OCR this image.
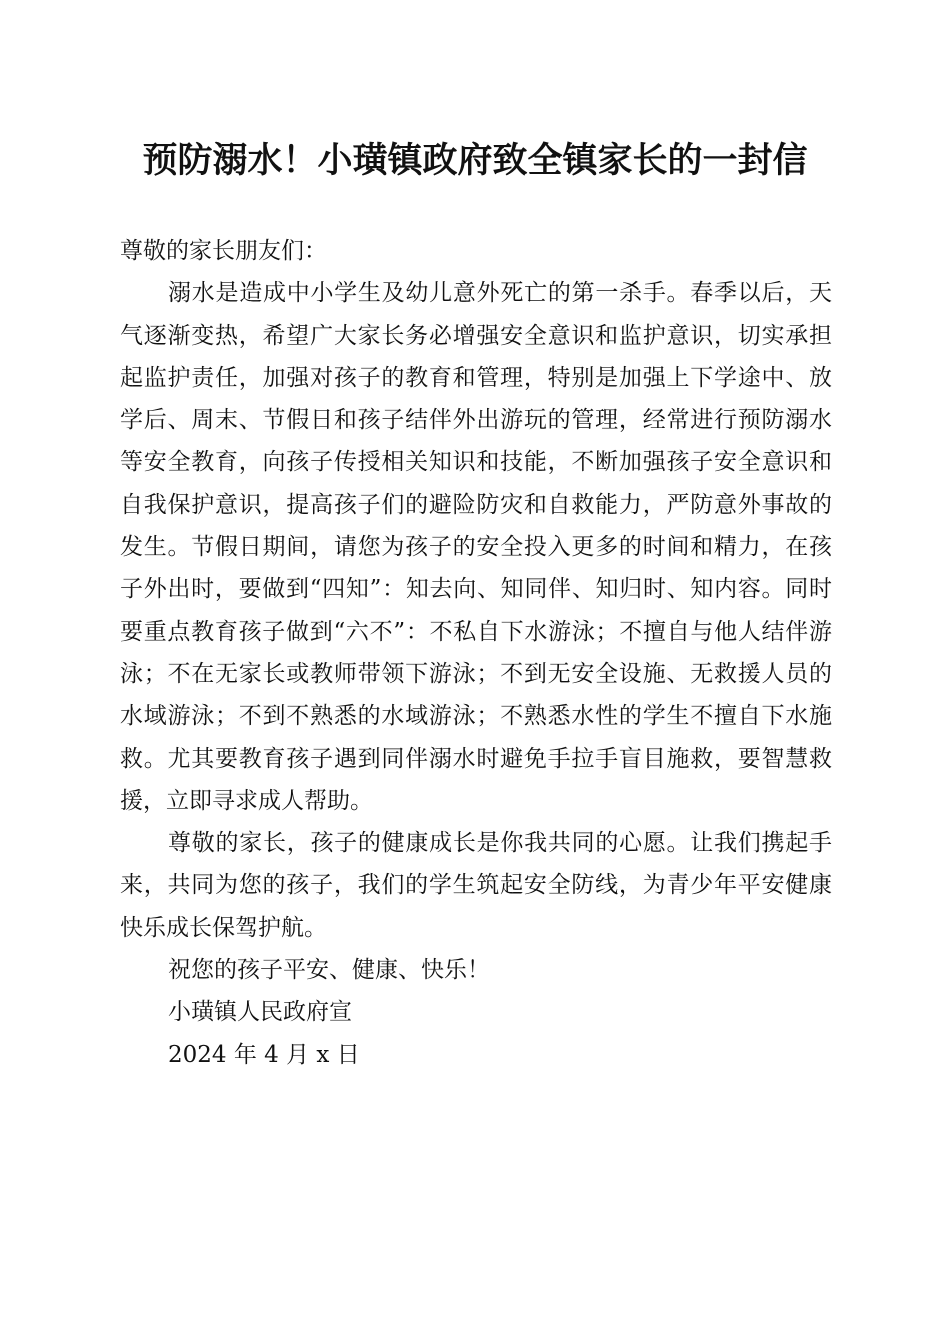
预防溺水！小璜镇政府致全镇家长的一封信

尊敬的家长朋友们：

溺水是造成中小学生及幼儿意外死亡的第一杀手。春季以后，天气逐渐变热，希望广大家长务必增强安全意识和监护意识，切实承担起监护责任，加强对孩子的教育和管理，特别是加强上下学途中、放学后、周末、节假日和孩子结伴外出游玩的管理，经常进行预防溺水等安全教育，向孩子传授相关知识和技能，不断加强孩子安全意识和自我保护意识，提高孩子们的避险防灾和自救能力，严防意外事故的发生。节假日期间，请您为孩子的安全投入更多的时间和精力，在孩子外出时，要做到“四知”：知去向、知同伴、知归时、知内容。同时要重点教育孩子做到“六不”：不私自下水游泳；不擅自与他人结伴游泳；不在无家长或教师带领下游泳；不到无安全设施、无救援人员的水域游泳；不到不熟悉的水域游泳；不熟悉水性的学生不擅自下水施救。尤其要教育孩子遇到同伴溺水时避免手拉手盲目施救，要智慧救援，立即寻求成人帮助。

尊敬的家长，孩子的健康成长是你我共同的心愿。让我们携起手来，共同为您的孩子，我们的学生筑起安全防线，为青少年平安健康快乐成长保驾护航。

祝您的孩子平安、健康、快乐！

小璜镇人民政府宣

2024 年 4 月 x 日
